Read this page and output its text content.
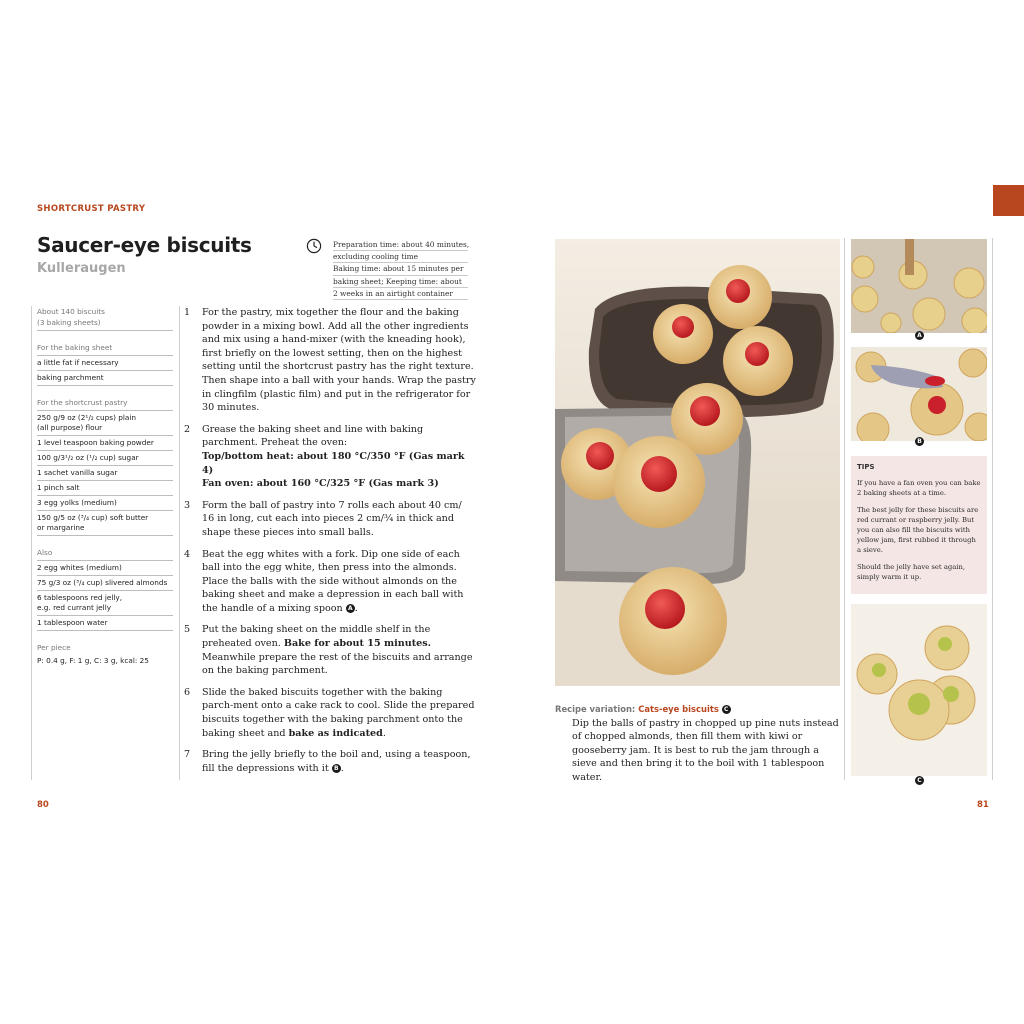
SHORTCRUST PASTRY
Saucer-eye biscuits
Kulleraugen
Preparation time: about 40 minutes,
excluding cooling time
Baking time: about 15 minutes per
baking sheet; Keeping time: about
2 weeks in an airtight container
About 140 biscuits
(3 baking sheets)
For the baking sheet
a little fat if necessary
baking parchment
For the shortcrust pastry
250 g/9 oz (2¹/₂ cups) plain
(all purpose) flour
1 level teaspoon baking powder
100 g/3¹/₂ oz (¹/₂ cup) sugar
1 sachet vanilla sugar
1 pinch salt
3 egg yolks (medium)
150 g/5 oz (³/₄ cup) soft butter
or margarine
Also
2 egg whites (medium)
75 g/3 oz (³/₄ cup) slivered almonds
6 tablespoons red jelly,
e.g. red currant jelly
1 tablespoon water
Per piece
P: 0.4 g, F: 1 g, C: 3 g, kcal: 25
1	For the pastry, mix together the flour and the baking powder in a mixing bowl. Add all the other ingredients and mix using a hand-mixer (with the kneading hook), first briefly on the lowest setting, then on the highest setting until the shortcrust pastry has the right texture. Then shape into a ball with your hands. Wrap the pastry in clingfilm (plastic film) and put in the refrigerator for 30 minutes.
2	Grease the baking sheet and line with baking parchment. Preheat the oven:
Top/bottom heat: about 180 °C/350 °F (Gas mark 4)
Fan oven: about 160 °C/325 °F (Gas mark 3)
3	Form the ball of pastry into 7 rolls each about 40 cm/ 16 in long, cut each into pieces 2 cm/¾ in thick and shape these pieces into small balls.
4	Beat the egg whites with a fork. Dip one side of each ball into the egg white, then press into the almonds. Place the balls with the side without almonds on the baking sheet and make a depression in each ball with the handle of a mixing spoon A .
5	Put the baking sheet on the middle shelf in the preheated oven. Bake for about 15 minutes. Meanwhile prepare the rest of the biscuits and arrange on the baking parchment.
6	Slide the baked biscuits together with the baking parch-ment onto a cake rack to cool. Slide the prepared biscuits together with the baking parchment onto the baking sheet and bake as indicated.
7	Bring the jelly briefly to the boil and, using a teaspoon, fill the depressions with it B .
80
Recipe variation: Cats-eye biscuits C
Dip the balls of pastry in chopped up pine nuts instead of chopped almonds, then fill them with kiwi or gooseberry jam. It is best to rub the jam through a sieve and then bring it to the boil with 1 tablespoon water.
A
B
TIPS

If you have a fan oven you can bake 2 baking sheets at a time.

The best jelly for these biscuits are red currant or raspberry jelly. But you can also fill the biscuits with yellow jam, first rubbed it through a sieve.

Should the jelly have set again, simply warm it up.

C
81
